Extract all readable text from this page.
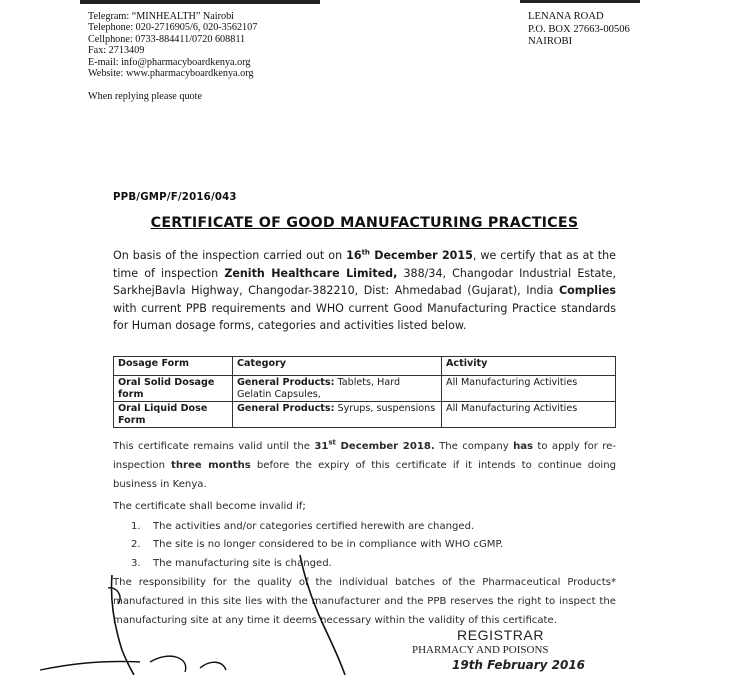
Telegram: “MINHEALTH” Nairobi
Telephone: 020-2716905/6, 020-3562107
Cellphone: 0733-884411/0720 608811
Fax: 2713409
E-mail: info@pharmacyboardkenya.org
Website: www.pharmacyboardkenya.org
LENANA ROAD
P.O. BOX 27663-00506
NAIROBI
When replying please quote
PPB/GMP/F/2016/043
CERTIFICATE OF GOOD MANUFACTURING PRACTICES
On basis of the inspection carried out on 16th December 2015, we certify that as at the time of inspection Zenith Healthcare Limited, 388/34, Changodar Industrial Estate, SarkhejBavla Highway, Changodar-382210, Dist: Ahmedabad (Gujarat), India Complies with current PPB requirements and WHO current Good Manufacturing Practice standards for Human dosage forms, categories and activities listed below.
Dosage Form	Category	Activity
Oral Solid Dosage form	General Products: Tablets, Hard Gelatin Capsules,	All Manufacturing Activities
Oral Liquid Dose Form	General Products: Syrups, suspensions	All Manufacturing Activities

This certificate remains valid until the 31st December 2018. The company has to apply for re-inspection three months before the expiry of this certificate if it intends to continue doing business in Kenya.

The certificate shall become invalid if;

1. The activities and/or categories certified herewith are changed.
2. The site is no longer considered to be in compliance with WHO cGMP.
3. The manufacturing site is changed.

The responsibility for the quality of the individual batches of the Pharmaceutical Products* manufactured in this site lies with the manufacturer and the PPB reserves the right to inspect the manufacturing site at any time it deems necessary within the validity of this certificate.

REGISTRAR
PHARMACY AND POISONS
19th February 2016
